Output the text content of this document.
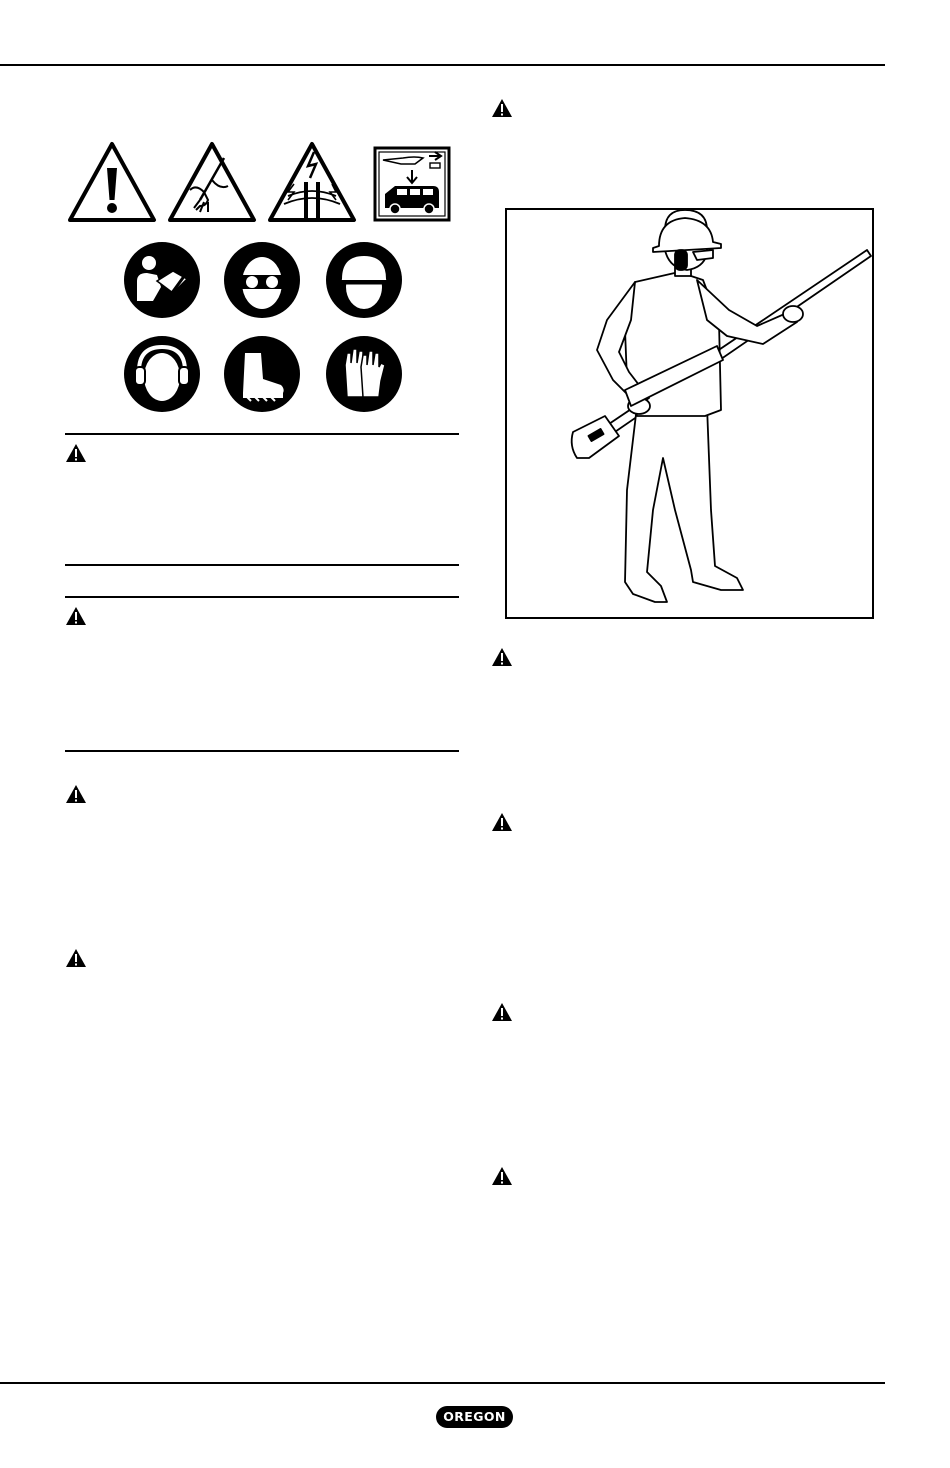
OREGON
